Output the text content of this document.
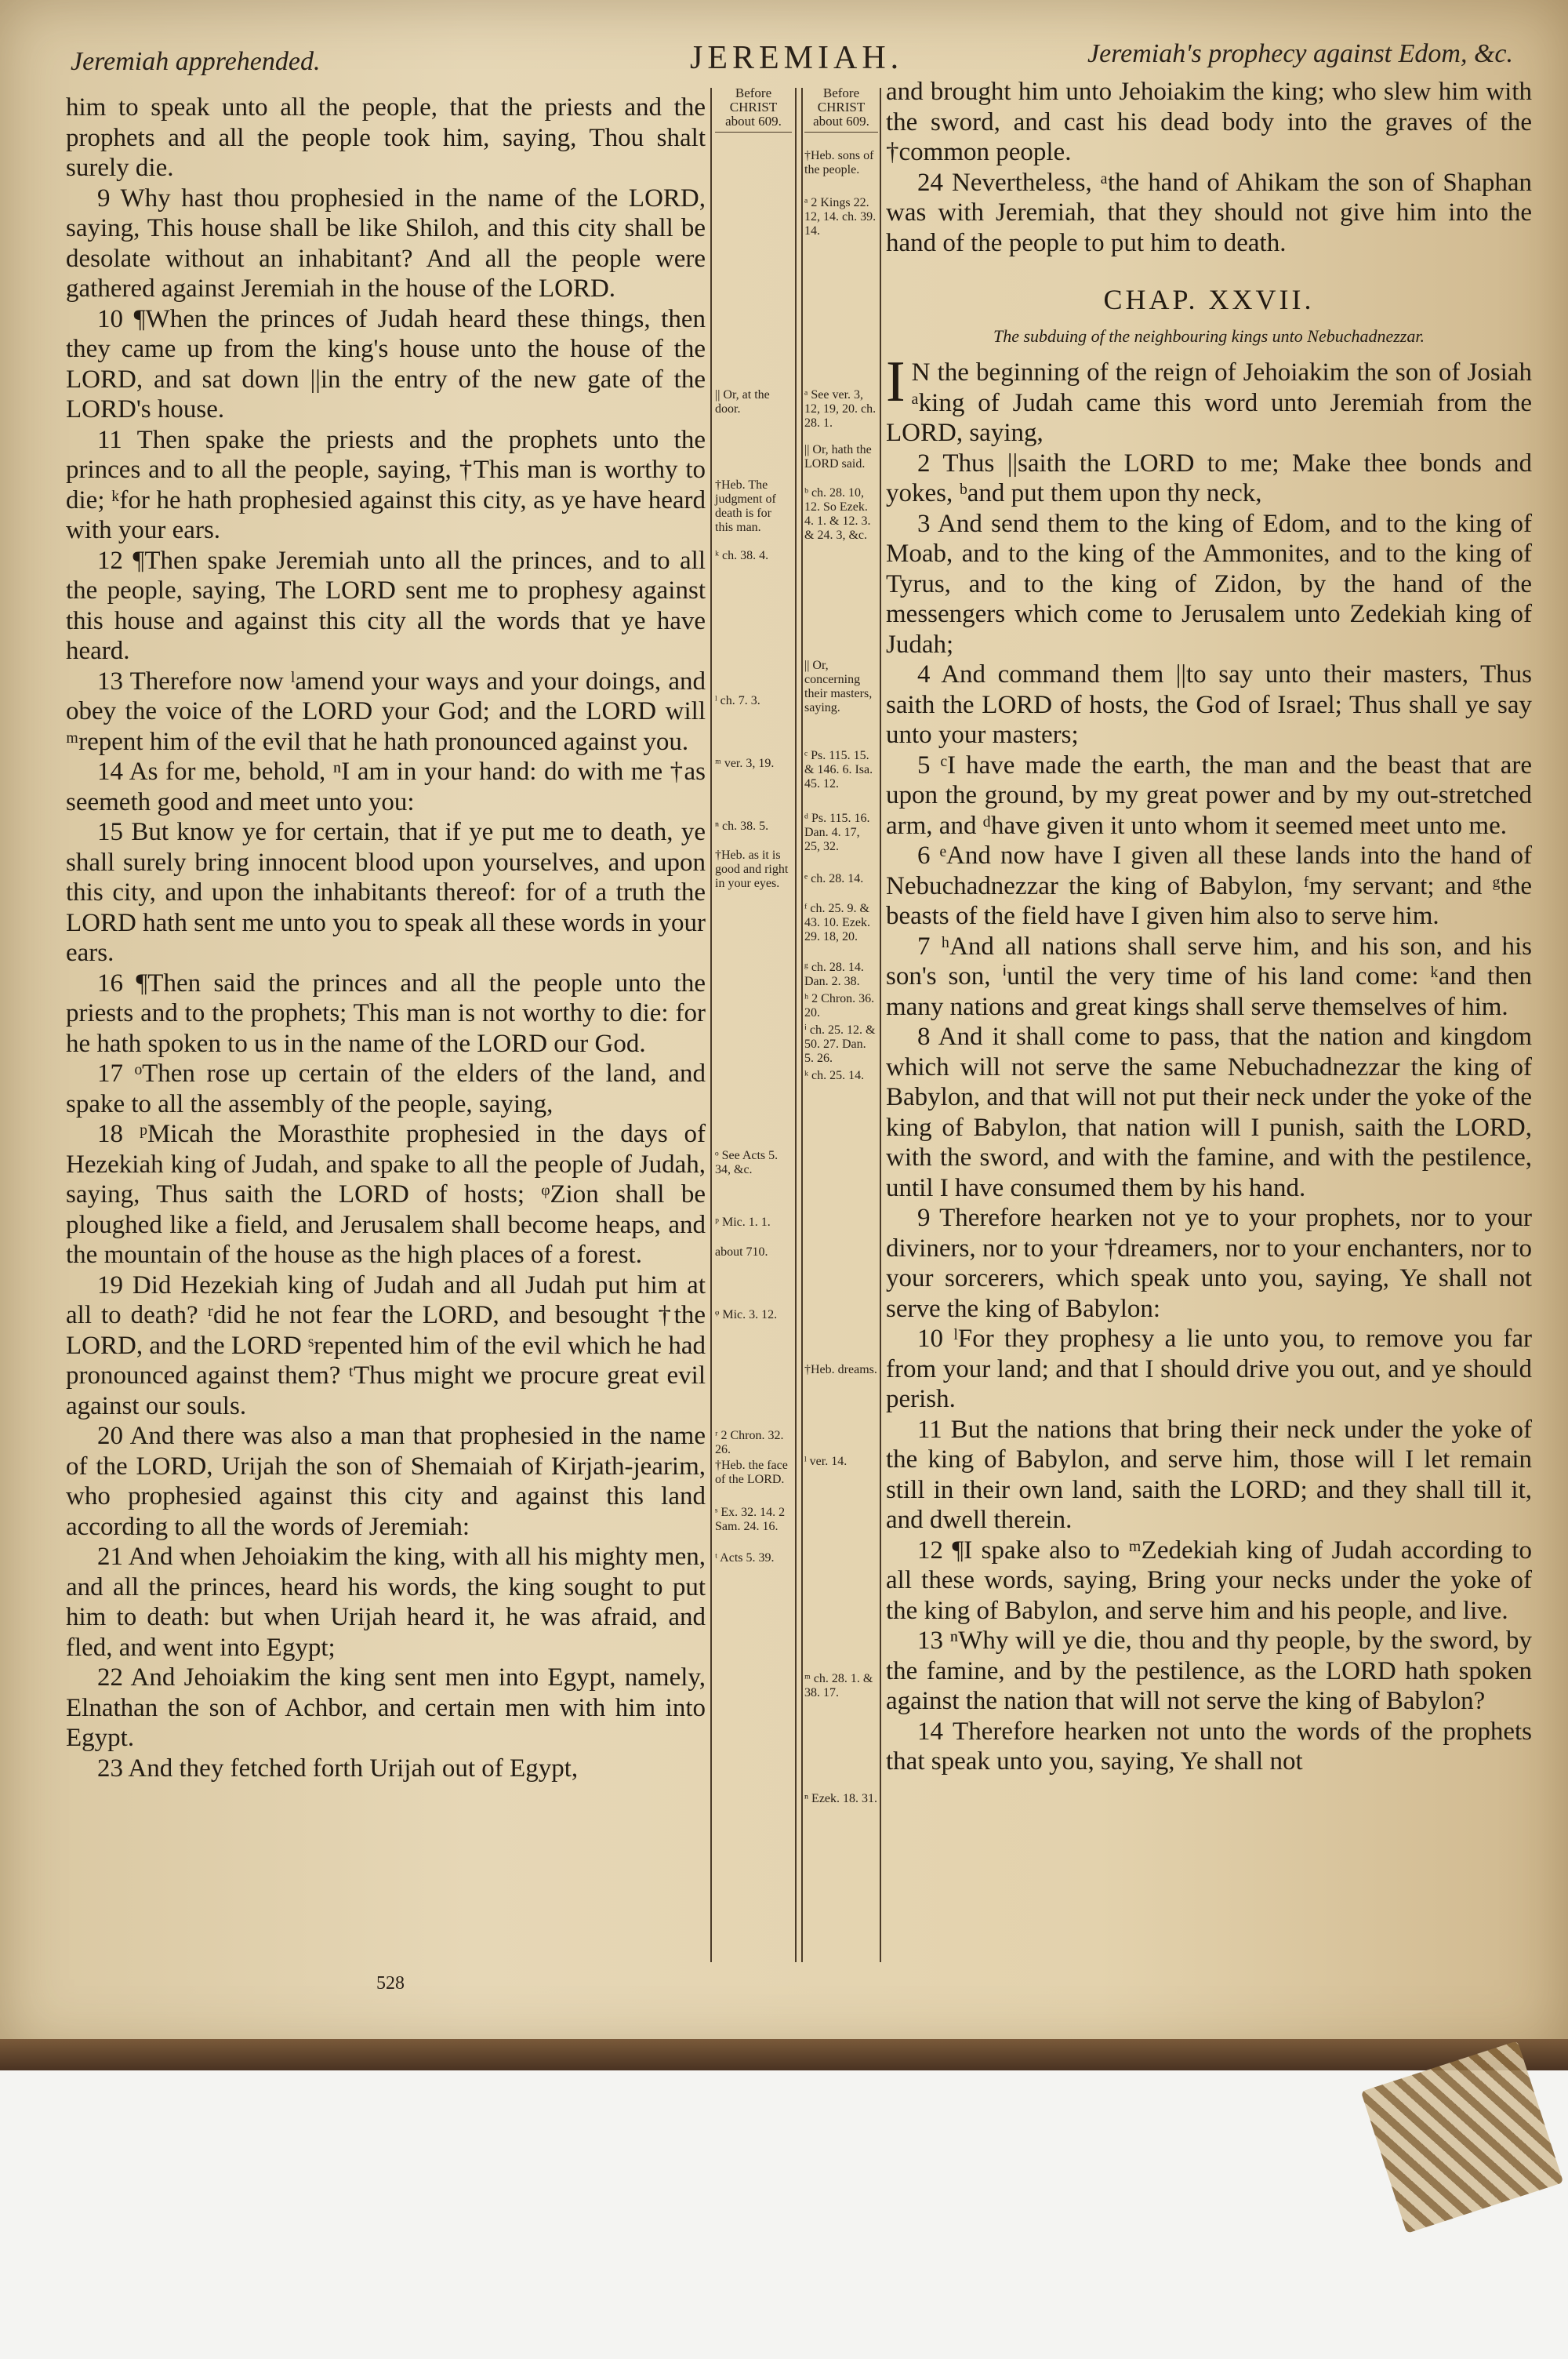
Jeremiah apprehended.	JEREMIAH.	Jeremiah's prophecy against Edom, &c.

him to speak unto all the people, that the priests and the prophets and all the people took him, saying, Thou shalt surely die.

9 Why hast thou prophesied in the name of the LORD, saying, This house shall be like Shiloh, and this city shall be desolate without an inhabitant? And all the people were gathered against Jeremiah in the house of the LORD.

10 ¶When the princes of Judah heard these things, then they came up from the king's house unto the house of the LORD, and sat down ||in the entry of the new gate of the LORD's house.

11 Then spake the priests and the prophets unto the princes and to all the people, saying, †This man is worthy to die; ᵏfor he hath prophesied against this city, as ye have heard with your ears.

12 ¶Then spake Jeremiah unto all the princes, and to all the people, saying, The LORD sent me to prophesy against this house and against this city all the words that ye have heard.

13 Therefore now ˡamend your ways and your doings, and obey the voice of the LORD your God; and the LORD will ᵐrepent him of the evil that he hath pronounced against you.

14 As for me, behold, ⁿI am in your hand: do with me †as seemeth good and meet unto you:

15 But know ye for certain, that if ye put me to death, ye shall surely bring innocent blood upon yourselves, and upon this city, and upon the inhabitants thereof: for of a truth the LORD hath sent me unto you to speak all these words in your ears.

16 ¶Then said the princes and all the people unto the priests and to the prophets; This man is not worthy to die: for he hath spoken to us in the name of the LORD our God.

17 ᵒThen rose up certain of the elders of the land, and spake to all the assembly of the people, saying,

18 ᵖMicah the Morasthite prophesied in the days of Hezekiah king of Judah, and spake to all the people of Judah, saying, Thus saith the LORD of hosts; ᵠZion shall be ploughed like a field, and Jerusalem shall become heaps, and the mountain of the house as the high places of a forest.

19 Did Hezekiah king of Judah and all Judah put him at all to death? ʳdid he not fear the LORD, and besought †the LORD, and the LORD ˢrepented him of the evil which he had pronounced against them? ᵗThus might we procure great evil against our souls.

20 And there was also a man that prophesied in the name of the LORD, Urijah the son of Shemaiah of Kirjath-jearim, who prophesied against this city and against this land according to all the words of Jeremiah:

21 And when Jehoiakim the king, with all his mighty men, and all the princes, heard his words, the king sought to put him to death: but when Urijah heard it, he was afraid, and fled, and went into Egypt;

22 And Jehoiakim the king sent men into Egypt, namely, Elnathan the son of Achbor, and certain men with him into Egypt.

23 And they fetched forth Urijah out of Egypt,

Before CHRIST about 609.
|| Or, at the door.
†Heb. The judgment of death is for this man.
ᵏ ch. 38. 4.
ˡ ch. 7. 3.
ᵐ ver. 3, 19.
ⁿ ch. 38. 5.
†Heb. as it is good and right in your eyes.
ᵒ See Acts 5. 34, &c.
ᵖ Mic. 1. 1.
about 710.
ᵠ Mic. 3. 12.
ʳ 2 Chron. 32. 26.
†Heb. the face of the LORD.
ˢ Ex. 32. 14. 2 Sam. 24. 16.
ᵗ Acts 5. 39.
Before CHRIST about 609.
†Heb. sons of the people.
ᵃ 2 Kings 22. 12, 14. ch. 39. 14.
ᵃ See ver. 3, 12, 19, 20. ch. 28. 1.
|| Or, hath the LORD said.
ᵇ ch. 28. 10, 12. So Ezek. 4. 1. & 12. 3. & 24. 3, &c.
|| Or, concerning their masters, saying.
ᶜ Ps. 115. 15. & 146. 6. Isa. 45. 12.
ᵈ Ps. 115. 16. Dan. 4. 17, 25, 32.
ᵉ ch. 28. 14.
ᶠ ch. 25. 9. & 43. 10. Ezek. 29. 18, 20.
ᵍ ch. 28. 14. Dan. 2. 38.
ʰ 2 Chron. 36. 20.
ⁱ ch. 25. 12. & 50. 27. Dan. 5. 26.
ᵏ ch. 25. 14.
†Heb. dreams.
ˡ ver. 14.
ᵐ ch. 28. 1. & 38. 17.
ⁿ Ezek. 18. 31.

and brought him unto Jehoiakim the king; who slew him with the sword, and cast his dead body into the graves of the †common people.

24 Nevertheless, ᵃthe hand of Ahikam the son of Shaphan was with Jeremiah, that they should not give him into the hand of the people to put him to death.

CHAP. XXVII.
The subduing of the neighbouring kings unto Nebuchadnezzar.

IN the beginning of the reign of Jehoiakim the son of Josiah ᵃking of Judah came this word unto Jeremiah from the LORD, saying,

2 Thus ||saith the LORD to me; Make thee bonds and yokes, ᵇand put them upon thy neck,

3 And send them to the king of Edom, and to the king of Moab, and to the king of the Ammonites, and to the king of Tyrus, and to the king of Zidon, by the hand of the messengers which come to Jerusalem unto Zedekiah king of Judah;

4 And command them ||to say unto their masters, Thus saith the LORD of hosts, the God of Israel; Thus shall ye say unto your masters;

5 ᶜI have made the earth, the man and the beast that are upon the ground, by my great power and by my out-stretched arm, and ᵈhave given it unto whom it seemed meet unto me.

6 ᵉAnd now have I given all these lands into the hand of Nebuchadnezzar the king of Babylon, ᶠmy servant; and ᵍthe beasts of the field have I given him also to serve him.

7 ʰAnd all nations shall serve him, and his son, and his son's son, ⁱuntil the very time of his land come: ᵏand then many nations and great kings shall serve themselves of him.

8 And it shall come to pass, that the nation and kingdom which will not serve the same Nebuchadnezzar the king of Babylon, and that will not put their neck under the yoke of the king of Babylon, that nation will I punish, saith the LORD, with the sword, and with the famine, and with the pestilence, until I have consumed them by his hand.

9 Therefore hearken not ye to your prophets, nor to your diviners, nor to your †dreamers, nor to your enchanters, nor to your sorcerers, which speak unto you, saying, Ye shall not serve the king of Babylon:

10 ˡFor they prophesy a lie unto you, to remove you far from your land; and that I should drive you out, and ye should perish.

11 But the nations that bring their neck under the yoke of the king of Babylon, and serve him, those will I let remain still in their own land, saith the LORD; and they shall till it, and dwell therein.

12 ¶I spake also to ᵐZedekiah king of Judah according to all these words, saying, Bring your necks under the yoke of the king of Babylon, and serve him and his people, and live.

13 ⁿWhy will ye die, thou and thy people, by the sword, by the famine, and by the pestilence, as the LORD hath spoken against the nation that will not serve the king of Babylon?

14 Therefore hearken not unto the words of the prophets that speak unto you, saying, Ye shall not

528
